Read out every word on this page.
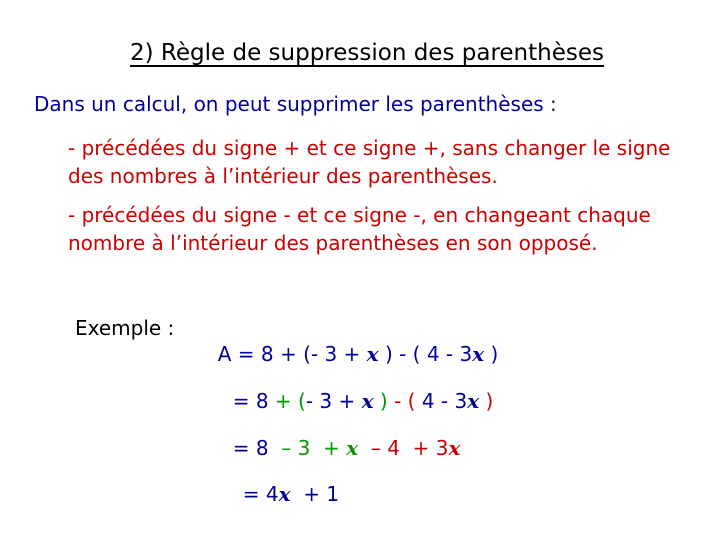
2) Règle de suppression des parenthèses
Dans un calcul, on peut supprimer les parenthèses :
- précédées du signe + et ce signe +, sans changer le signe des nombres à l’intérieur des parenthèses.
- précédées du signe - et ce signe -, en changeant chaque nombre à l’intérieur des parenthèses en son opposé.
Exemple :

A = 8 + (- 3 + x ) - ( 4 - 3x )

= 8 + (- 3 + x ) - ( 4 - 3x )

= 8  – 3  + x  – 4  + 3x

= 4x  + 1
